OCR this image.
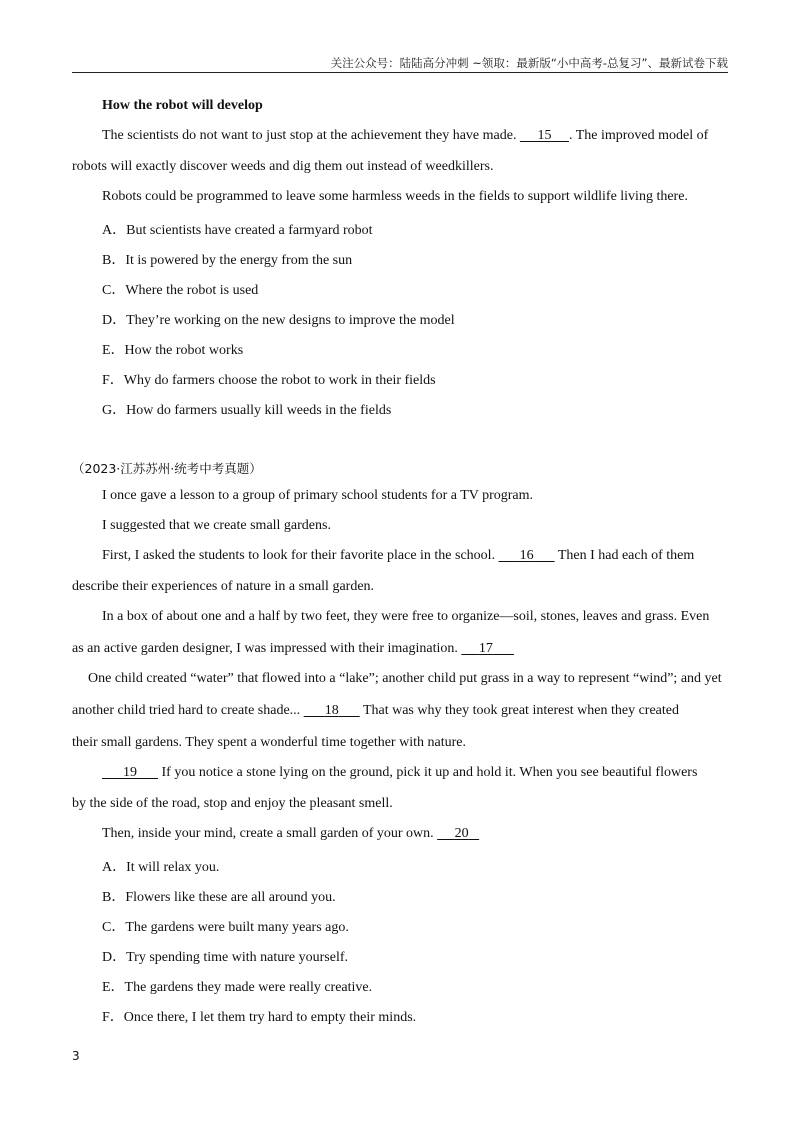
关注公众号：陆陆高分冲刺 ~领取：最新版“小中高考-总复习”、最新试卷下载
How the robot will develop
The scientists do not want to just stop at the achievement they have made. 15 . The improved model of
robots will exactly discover weeds and dig them out instead of weedkillers.
Robots could be programmed to leave some harmless weeds in the fields to support wildlife living there.
A．But scientists have created a farmyard robot
B．It is powered by the energy from the sun
C．Where the robot is used
D．They’re working on the new designs to improve the model
E．How the robot works
F．Why do farmers choose the robot to work in their fields
G．How do farmers usually kill weeds in the fields
（2023·江苏苏州·统考中考真题）
I once gave a lesson to a group of primary school students for a TV program.
I suggested that we create small gardens.
First, I asked the students to look for their favorite place in the school. 16 Then I had each of them
describe their experiences of nature in a small garden.
In a box of about one and a half by two feet, they were free to organize—soil, stones, leaves and grass. Even
as an active garden designer, I was impressed with their imagination. 17
One child created “water” that flowed into a “lake”; another child put grass in a way to represent “wind”; and yet
another child tried hard to create shade... 18 That was why they took great interest when they created
their small gardens. They spent a wonderful time together with nature.
19 If you notice a stone lying on the ground, pick it up and hold it. When you see beautiful flowers
by the side of the road, stop and enjoy the pleasant smell.
Then, inside your mind, create a small garden of your own. 20
A．It will relax you.
B．Flowers like these are all around you.
C．The gardens were built many years ago.
D．Try spending time with nature yourself.
E．The gardens they made were really creative.
F．Once there, I let them try hard to empty their minds.
3
